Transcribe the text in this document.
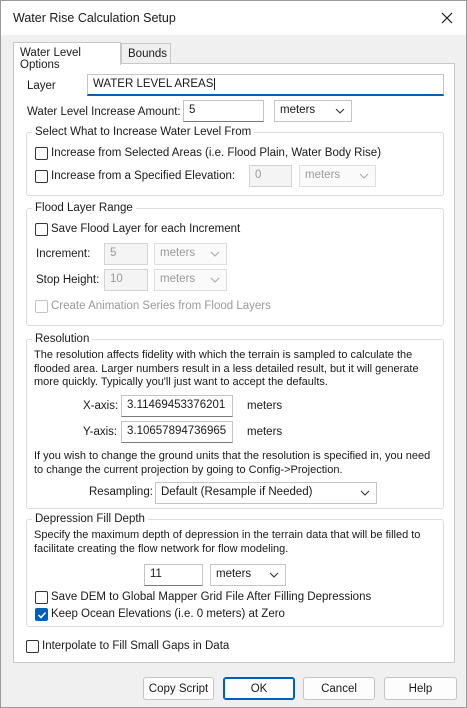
Water Rise Calculation Setup
Water Level Options
Bounds
Layer	WATER LEVEL AREAS
Water Level Increase Amount: 5	meters
Select What to Increase Water Level From
Increase from Selected Areas (i.e. Flood Plain, Water Body Rise)
Increase from a Specified Elevation:	0	meters
Flood Layer Range
Save Flood Layer for each Increment
Increment:	5	meters
Stop Height: 10	meters
Create Animation Series from Flood Layers
Resolution
The resolution affects fidelity with which the terrain is sampled to calculate the flooded area. Larger numbers result in a less detailed result, but it will generate more quickly. Typically you'll just want to accept the defaults.
X-axis: 3.11469453376201	meters
Y-axis: 3.10657894736965	meters
If you wish to change the ground units that the resolution is specified in, you need to change the current projection by going to Config->Projection.
Resampling: Default (Resample if Needed)
Depression Fill Depth
Specify the maximum depth of depression in the terrain data that will be filled to facilitate creating the flow network for flow modeling.
11	meters
Save DEM to Global Mapper Grid File After Filling Depressions
Keep Ocean Elevations (i.e. 0 meters) at Zero
Interpolate to Fill Small Gaps in Data
Copy Script	OK	Cancel	Help
